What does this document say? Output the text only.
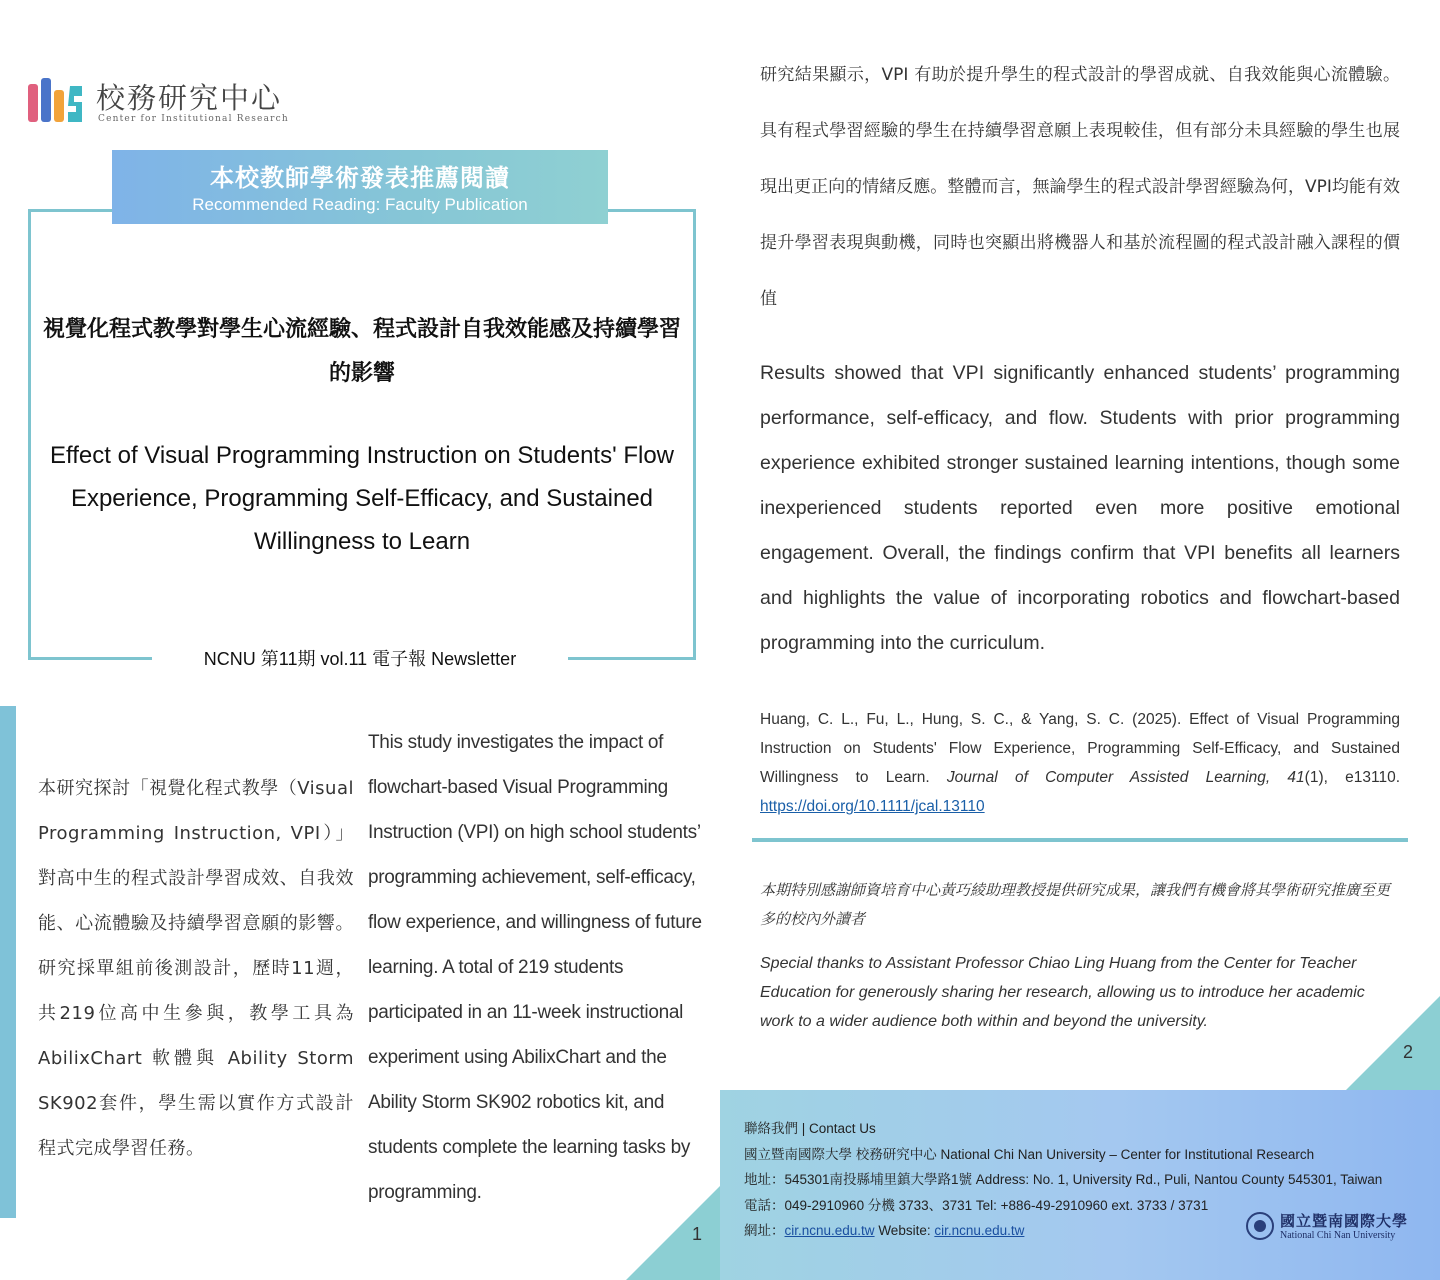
校務研究中心
Center for Institutional Research
本校教師學術發表推薦閱讀
Recommended Reading: Faculty Publication
視覺化程式教學對學生心流經驗、程式設計自我效能感及持續學習的影響
Effect of Visual Programming Instruction on Students' Flow Experience, Programming Self-Efficacy, and Sustained Willingness to Learn
NCNU 第11期 vol.11 電子報 Newsletter
本研究探討「視覺化程式教學（Visual Programming Instruction, VPI）」對高中生的程式設計學習成效、自我效能、心流體驗及持續學習意願的影響。研究採單組前後測設計，歷時11週，共219位高中生參與，教學工具為 AbilixChart 軟體與 Ability Storm SK902套件，學生需以實作方式設計程式完成學習任務。
This study investigates the impact of flowchart-based Visual Programming Instruction (VPI) on high school students’ programming achievement, self-efficacy, flow experience, and willingness of future learning. A total of 219 students participated in an 11-week instructional experiment using AbilixChart and the Ability Storm SK902 robotics kit, and students complete the learning tasks by programming.
研究結果顯示，VPI 有助於提升學生的程式設計的學習成就、自我效能與心流體驗。具有程式學習經驗的學生在持續學習意願上表現較佳，但有部分未具經驗的學生也展現出更正向的情緒反應。整體而言，無論學生的程式設計學習經驗為何，VPI均能有效提升學習表現與動機，同時也突顯出將機器人和基於流程圖的程式設計融入課程的價值
Results showed that VPI significantly enhanced students’ programming performance, self-efficacy, and flow. Students with prior programming experience exhibited stronger sustained learning intentions, though some inexperienced students reported even more positive emotional engagement. Overall, the findings confirm that VPI benefits all learners and highlights the value of incorporating robotics and flowchart-based programming into the curriculum.
Huang, C. L., Fu, L., Hung, S. C., & Yang, S. C. (2025). Effect of Visual Programming Instruction on Students' Flow Experience, Programming Self‐Efficacy, and Sustained Willingness to Learn. Journal of Computer Assisted Learning, 41(1), e13110. https://doi.org/10.1111/jcal.13110
本期特別感謝師資培育中心黃巧綾助理教授提供研究成果，讓我們有機會將其學術研究推廣至更多的校內外讀者
Special thanks to Assistant Professor Chiao Ling Huang from the Center for Teacher Education for generously sharing her research, allowing us to introduce her academic work to a wider audience both within and beyond the university.
2
1
聯絡我們 | Contact Us
國立暨南國際大學 校務研究中心 National Chi Nan University – Center for Institutional Research
地址：545301南投縣埔里鎮大學路1號 Address: No. 1, University Rd., Puli, Nantou County 545301, Taiwan
電話：049-2910960 分機 3733、3731 Tel: +886-49-2910960 ext. 3733 / 3731
網址：cir.ncnu.edu.tw Website: cir.ncnu.edu.tw
國立暨南國際大學
National Chi Nan University
